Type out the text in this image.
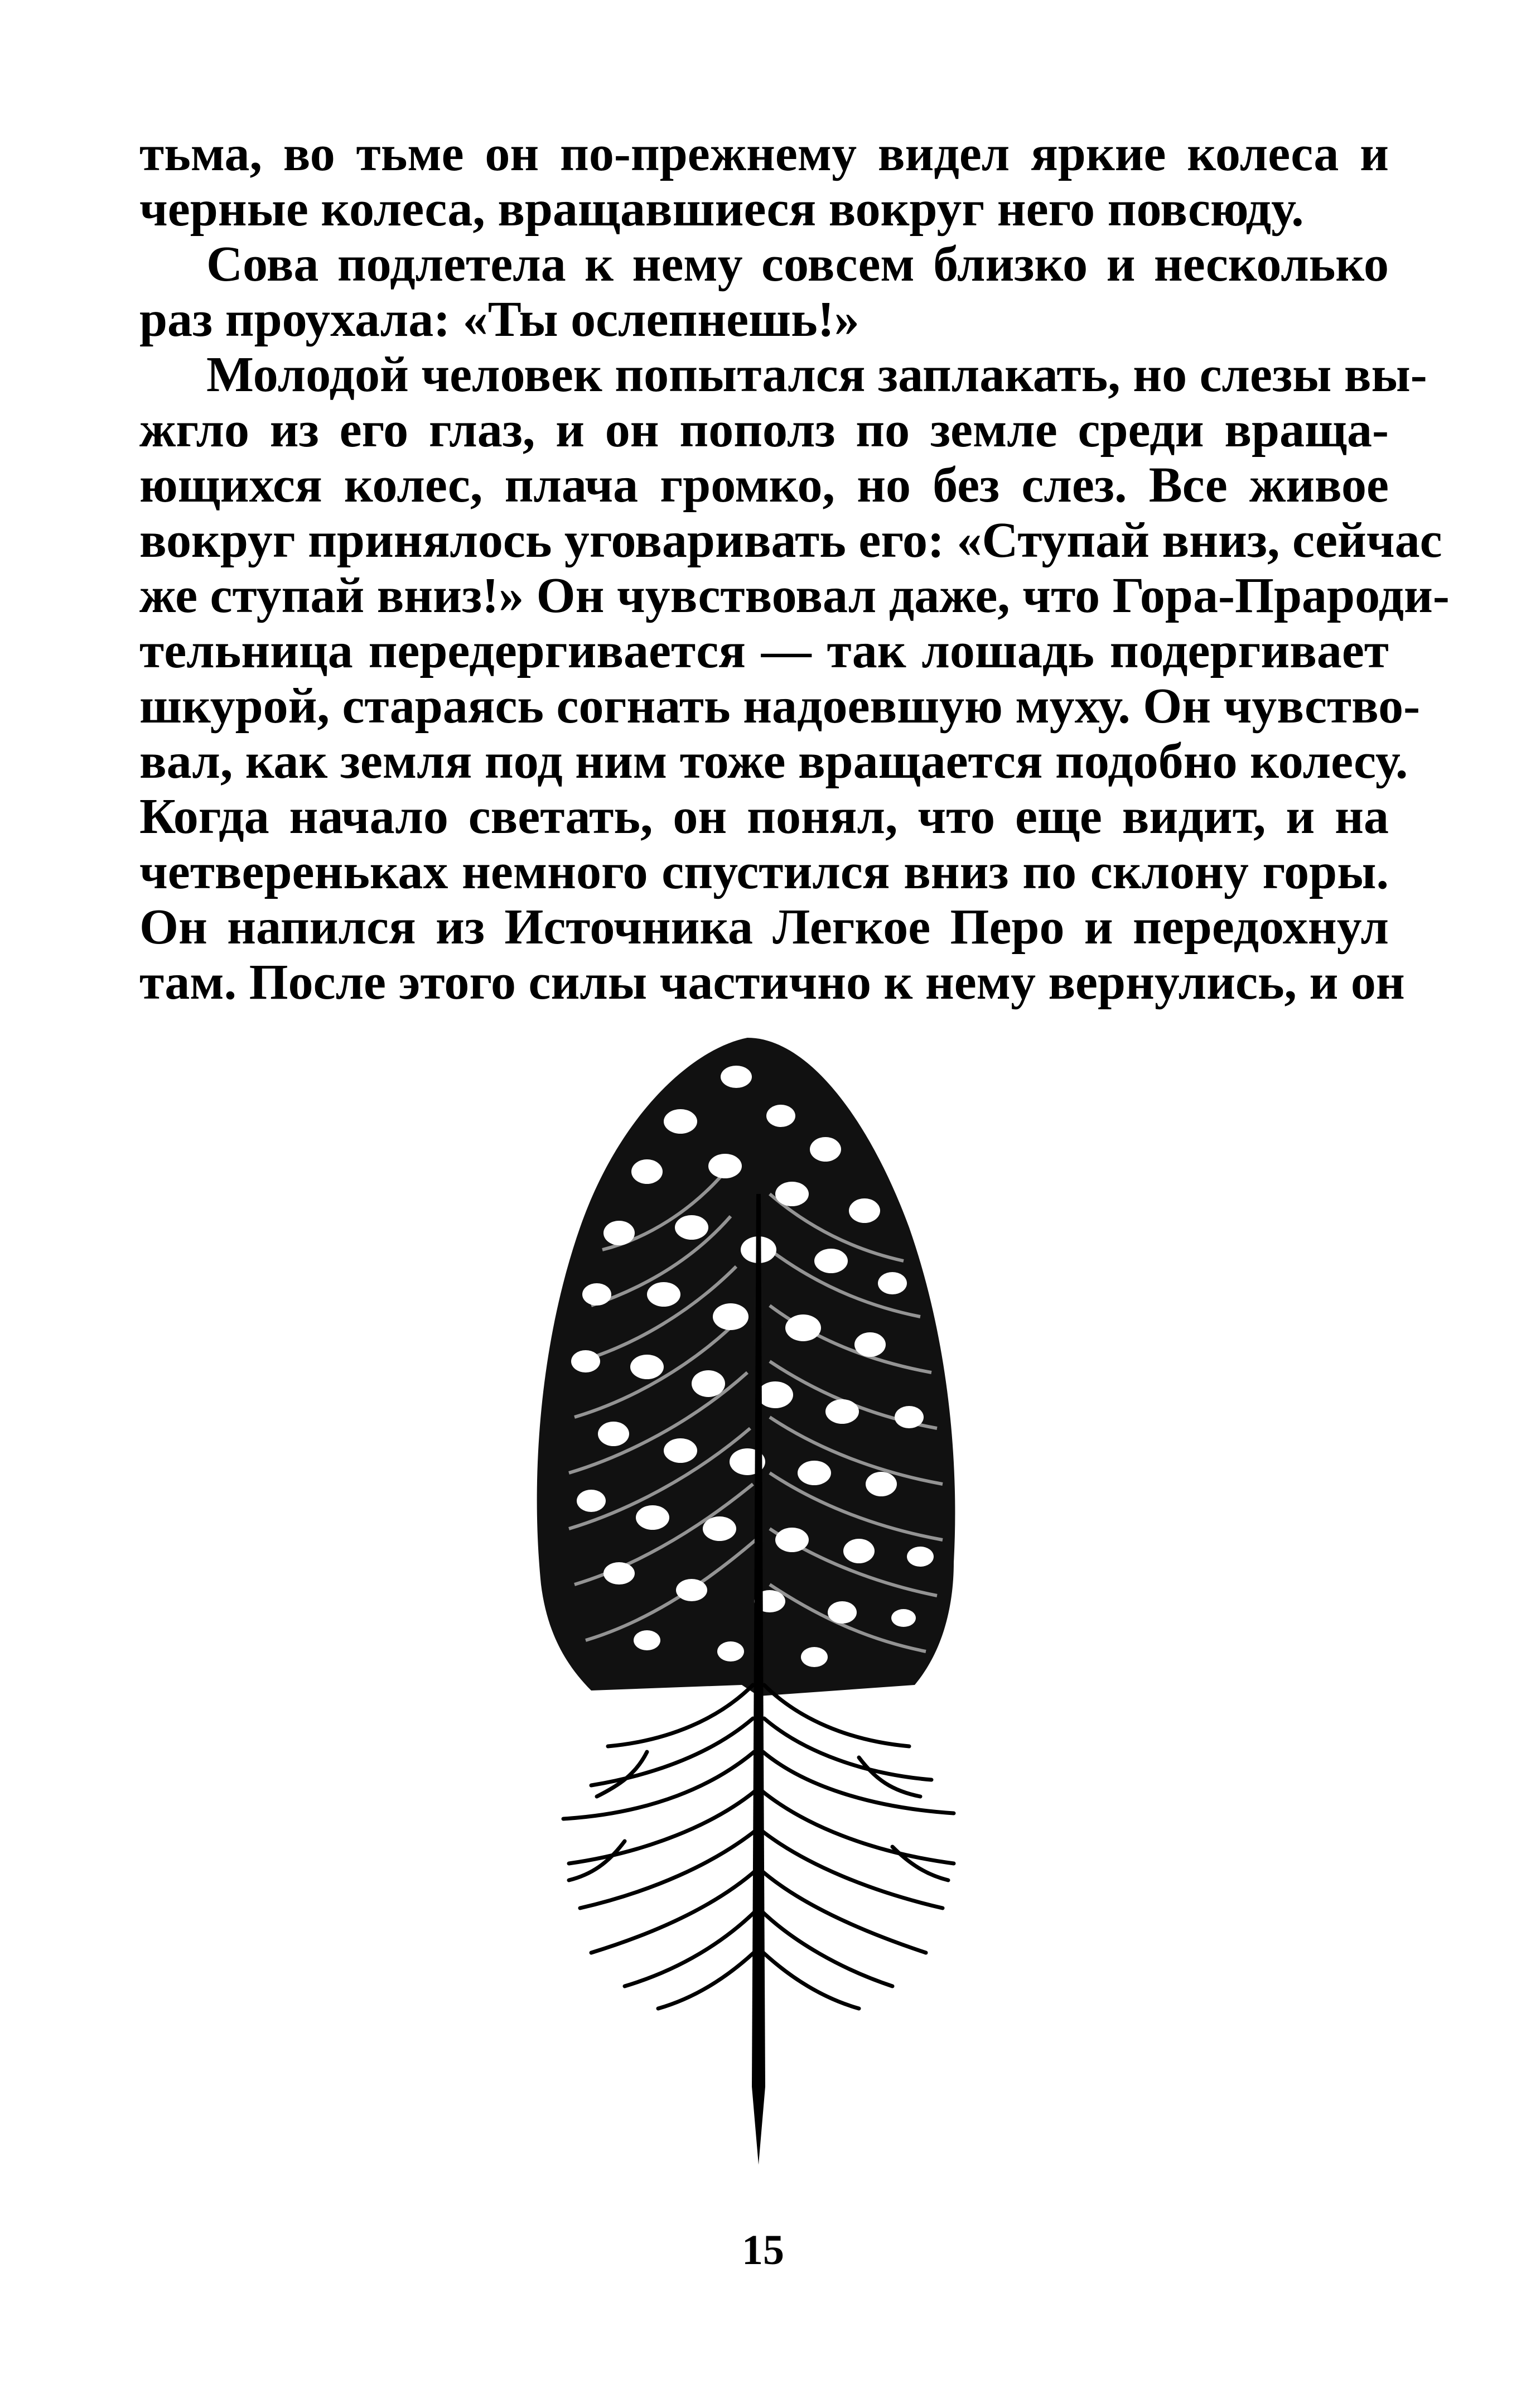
тьма, во тьме он по-прежнему видел яркие колеса и
черные колеса, вращавшиеся вокруг него повсюду.
Сова подлетела к нему совсем близко и несколько
раз проухала: «Ты ослепнешь!»
Молодой человек попытался заплакать, но слезы вы-
жгло из его глаз, и он пополз по земле среди враща-
ющихся колес, плача громко, но без слез. Все живое
вокруг принялось уговаривать его: «Ступай вниз, сейчас
же ступай вниз!» Он чувствовал даже, что Гора-Прароди-
тельница передергивается — так лошадь подергивает
шкурой, стараясь согнать надоевшую муху. Он чувство-
вал, как земля под ним тоже вращается подобно колесу.
Когда начало светать, он понял, что еще видит, и на
четвереньках немного спустился вниз по склону горы.
Он напился из Источника Легкое Перо и передохнул
там. После этого силы частично к нему вернулись, и он
15
